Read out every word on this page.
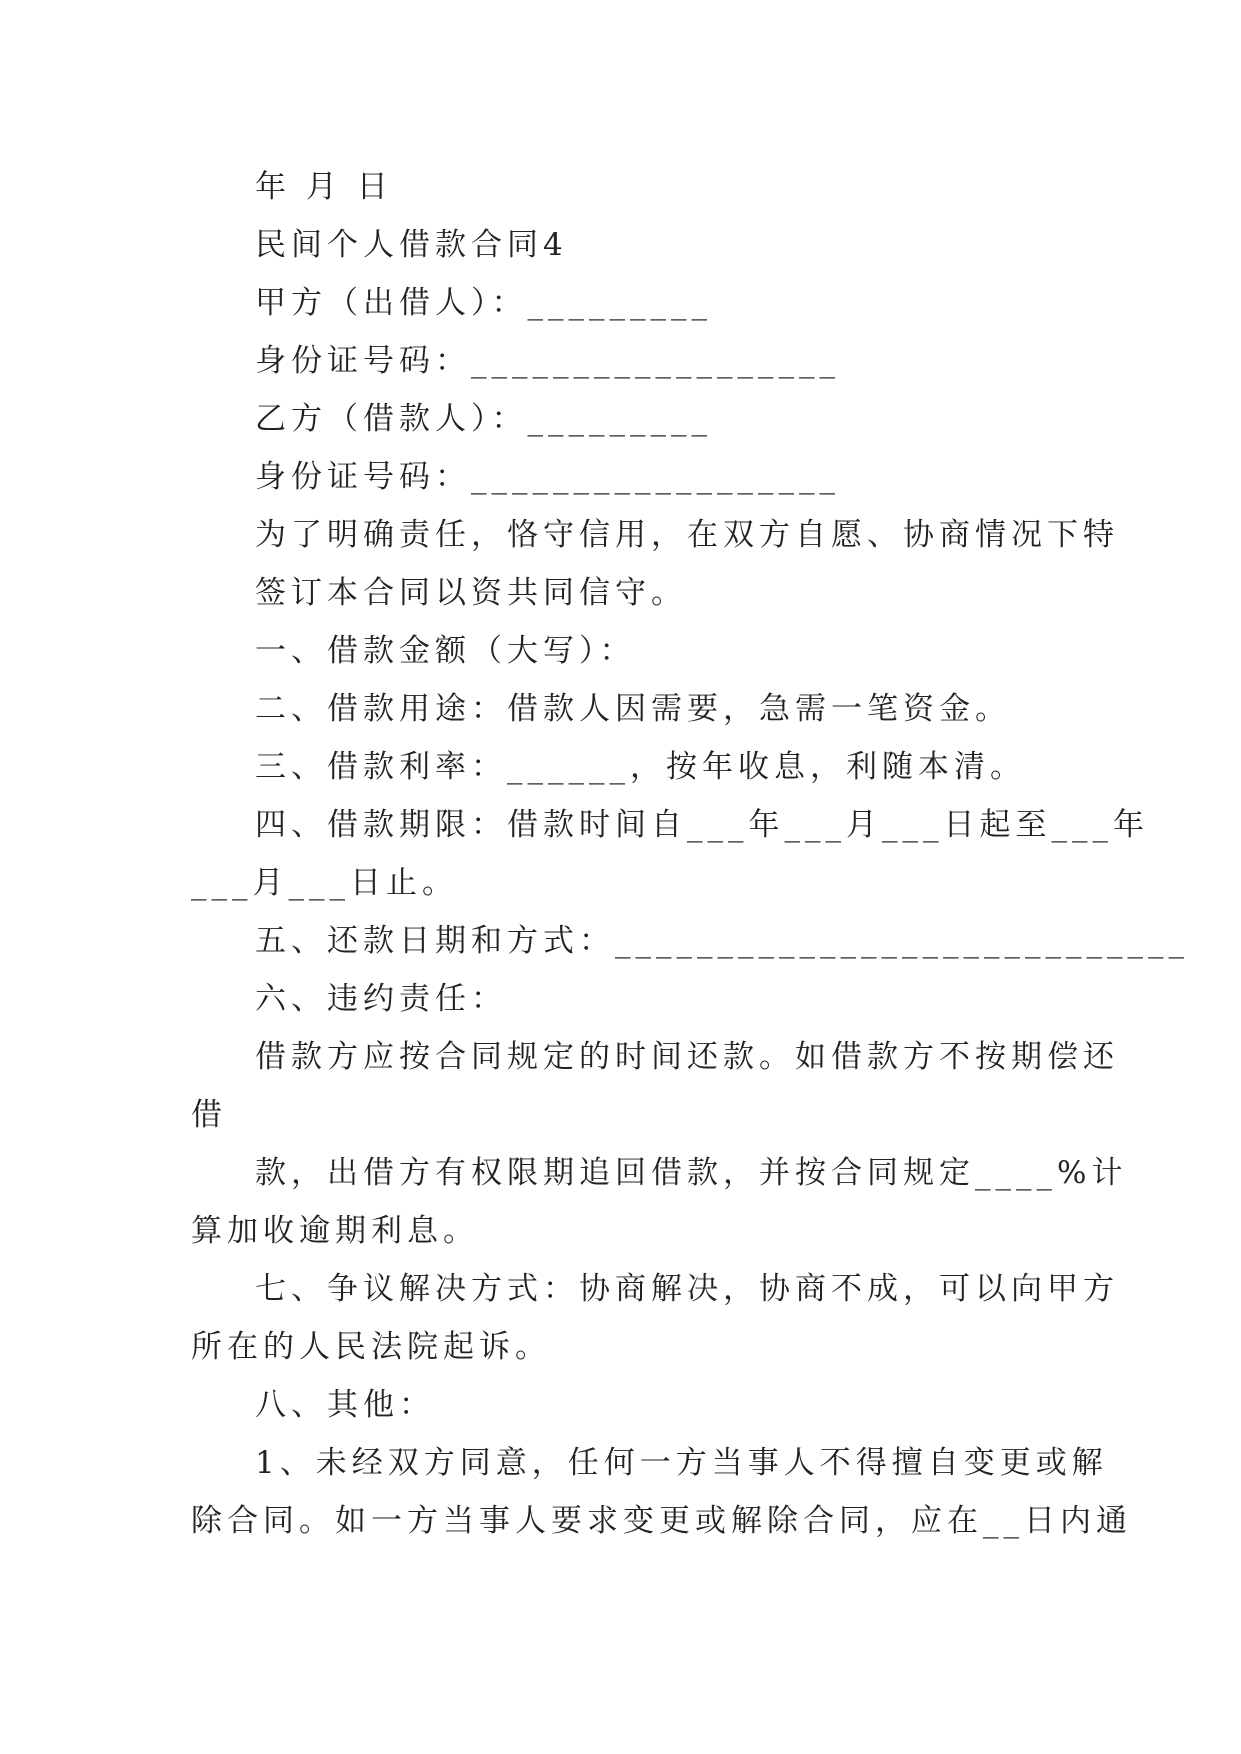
年 月 日
民间个人借款合同4
甲方（出借人）：_________
身份证号码：__________________
乙方（借款人）：_________
身份证号码：__________________
为了明确责任，恪守信用，在双方自愿、协商情况下特
签订本合同以资共同信守。
一、借款金额（大写）：
二、借款用途：借款人因需要，急需一笔资金。
三、借款利率：______，按年收息，利随本清。
四、借款期限：借款时间自___年___月___日起至___年
___月___日止。
五、还款日期和方式：____________________________
六、违约责任：
借款方应按合同规定的时间还款。如借款方不按期偿还
借
款，出借方有权限期追回借款，并按合同规定____%计
算加收逾期利息。
七、争议解决方式：协商解决，协商不成，可以向甲方
所在的人民法院起诉。
八、其他：
1、未经双方同意，任何一方当事人不得擅自变更或解
除合同。如一方当事人要求变更或解除合同，应在__日内通
